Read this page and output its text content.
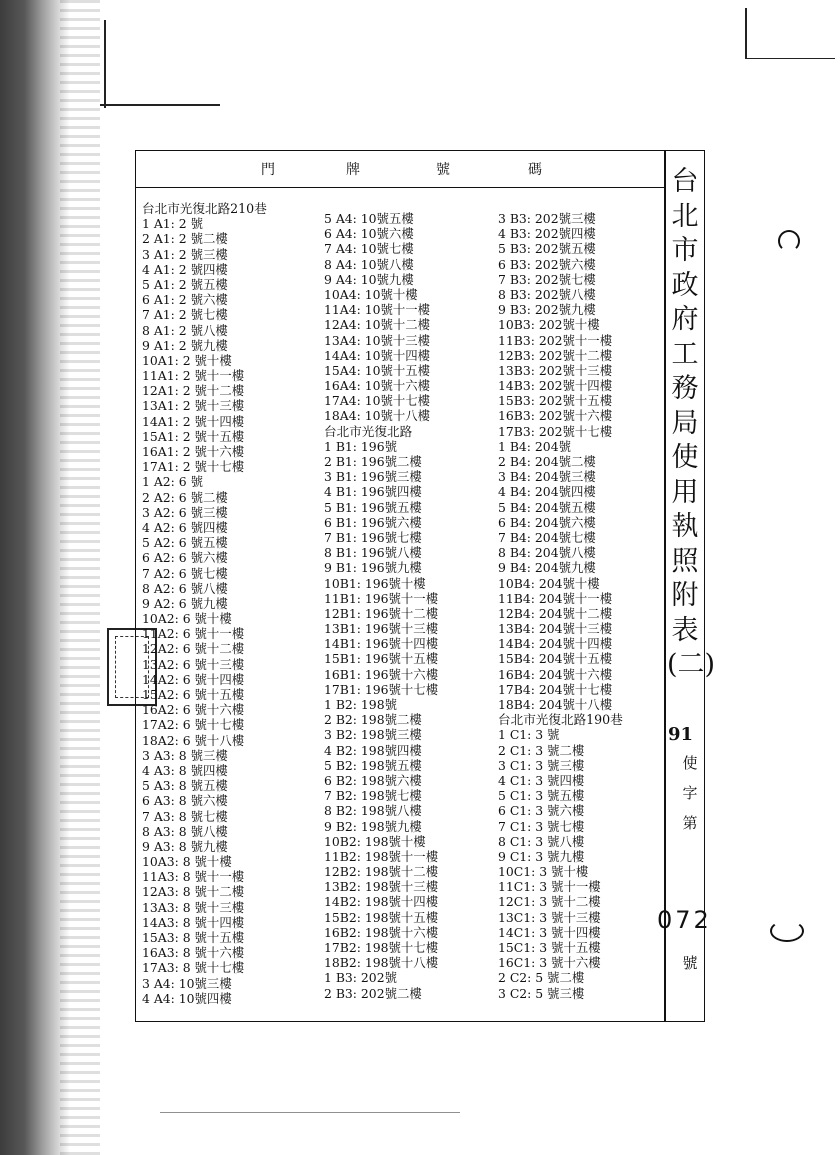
門	牌	號	碼
台北市光復北路210巷
1 A1: 2 號
2 A1: 2 號二樓
3 A1: 2 號三樓
4 A1: 2 號四樓
5 A1: 2 號五樓
6 A1: 2 號六樓
7 A1: 2 號七樓
8 A1: 2 號八樓
9 A1: 2 號九樓
10A1: 2 號十樓
11A1: 2 號十一樓
12A1: 2 號十二樓
13A1: 2 號十三樓
14A1: 2 號十四樓
15A1: 2 號十五樓
16A1: 2 號十六樓
17A1: 2 號十七樓
1 A2: 6 號
2 A2: 6 號二樓
3 A2: 6 號三樓
4 A2: 6 號四樓
5 A2: 6 號五樓
6 A2: 6 號六樓
7 A2: 6 號七樓
8 A2: 6 號八樓
9 A2: 6 號九樓
10A2: 6 號十樓
11A2: 6 號十一樓
12A2: 6 號十二樓
13A2: 6 號十三樓
14A2: 6 號十四樓
15A2: 6 號十五樓
16A2: 6 號十六樓
17A2: 6 號十七樓
18A2: 6 號十八樓
3 A3: 8 號三樓
4 A3: 8 號四樓
5 A3: 8 號五樓
6 A3: 8 號六樓
7 A3: 8 號七樓
8 A3: 8 號八樓
9 A3: 8 號九樓
10A3: 8 號十樓
11A3: 8 號十一樓
12A3: 8 號十二樓
13A3: 8 號十三樓
14A3: 8 號十四樓
15A3: 8 號十五樓
16A3: 8 號十六樓
17A3: 8 號十七樓
3 A4: 10號三樓
4 A4: 10號四樓
5 A4: 10號五樓
6 A4: 10號六樓
7 A4: 10號七樓
8 A4: 10號八樓
9 A4: 10號九樓
10A4: 10號十樓
11A4: 10號十一樓
12A4: 10號十二樓
13A4: 10號十三樓
14A4: 10號十四樓
15A4: 10號十五樓
16A4: 10號十六樓
17A4: 10號十七樓
18A4: 10號十八樓
台北市光復北路
1 B1: 196號
2 B1: 196號二樓
3 B1: 196號三樓
4 B1: 196號四樓
5 B1: 196號五樓
6 B1: 196號六樓
7 B1: 196號七樓
8 B1: 196號八樓
9 B1: 196號九樓
10B1: 196號十樓
11B1: 196號十一樓
12B1: 196號十二樓
13B1: 196號十三樓
14B1: 196號十四樓
15B1: 196號十五樓
16B1: 196號十六樓
17B1: 196號十七樓
1 B2: 198號
2 B2: 198號二樓
3 B2: 198號三樓
4 B2: 198號四樓
5 B2: 198號五樓
6 B2: 198號六樓
7 B2: 198號七樓
8 B2: 198號八樓
9 B2: 198號九樓
10B2: 198號十樓
11B2: 198號十一樓
12B2: 198號十二樓
13B2: 198號十三樓
14B2: 198號十四樓
15B2: 198號十五樓
16B2: 198號十六樓
17B2: 198號十七樓
18B2: 198號十八樓
1 B3: 202號
2 B3: 202號二樓
3 B3: 202號三樓
4 B3: 202號四樓
5 B3: 202號五樓
6 B3: 202號六樓
7 B3: 202號七樓
8 B3: 202號八樓
9 B3: 202號九樓
10B3: 202號十樓
11B3: 202號十一樓
12B3: 202號十二樓
13B3: 202號十三樓
14B3: 202號十四樓
15B3: 202號十五樓
16B3: 202號十六樓
17B3: 202號十七樓
1 B4: 204號
2 B4: 204號二樓
3 B4: 204號三樓
4 B4: 204號四樓
5 B4: 204號五樓
6 B4: 204號六樓
7 B4: 204號七樓
8 B4: 204號八樓
9 B4: 204號九樓
10B4: 204號十樓
11B4: 204號十一樓
12B4: 204號十二樓
13B4: 204號十三樓
14B4: 204號十四樓
15B4: 204號十五樓
16B4: 204號十六樓
17B4: 204號十七樓
18B4: 204號十八樓
台北市光復北路190巷
1 C1: 3 號
2 C1: 3 號二樓
3 C1: 3 號三樓
4 C1: 3 號四樓
5 C1: 3 號五樓
6 C1: 3 號六樓
7 C1: 3 號七樓
8 C1: 3 號八樓
9 C1: 3 號九樓
10C1: 3 號十樓
11C1: 3 號十一樓
12C1: 3 號十二樓
13C1: 3 號十三樓
14C1: 3 號十四樓
15C1: 3 號十五樓
16C1: 3 號十六樓
2 C2: 5 號二樓
3 C2: 5 號三樓
台
北
市
政
府
工
務
局
使
用
執
照
附
表
(二)
91
使
字
第
072
號
